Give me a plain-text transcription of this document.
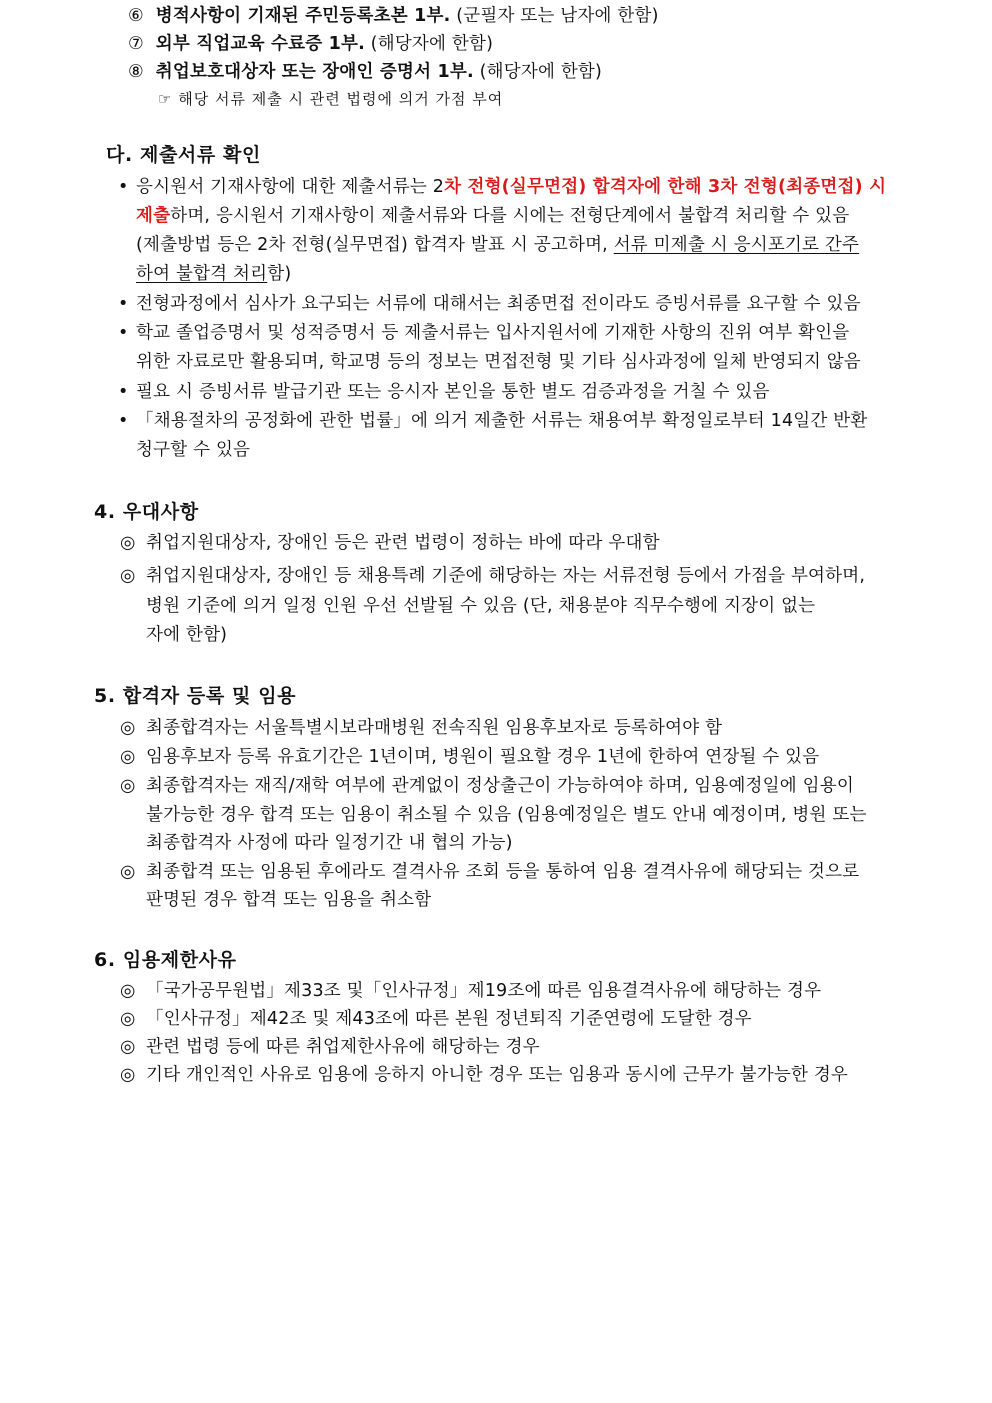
⑥ 병적사항이 기재된 주민등록초본 1부. (군필자 또는 남자에 한함)
⑦ 외부 직업교육 수료증 1부. (해당자에 한함)
⑧ 취업보호대상자 또는 장애인 증명서 1부. (해당자에 한함)
☞ 해당 서류 제출 시 관련 법령에 의거 가점 부여
다. 제출서류 확인
• 응시원서 기재사항에 대한 제출서류는 2차 전형(실무면접) 합격자에 한해 3차 전형(최종면접) 시
제출하며, 응시원서 기재사항이 제출서류와 다를 시에는 전형단계에서 불합격 처리할 수 있음
(제출방법 등은 2차 전형(실무면접) 합격자 발표 시 공고하며, 서류 미제출 시 응시포기로 간주
하여 불합격 처리함)
• 전형과정에서 심사가 요구되는 서류에 대해서는 최종면접 전이라도 증빙서류를 요구할 수 있음
• 학교 졸업증명서 및 성적증명서 등 제출서류는 입사지원서에 기재한 사항의 진위 여부 확인을
위한 자료로만 활용되며, 학교명 등의 정보는 면접전형 및 기타 심사과정에 일체 반영되지 않음
• 필요 시 증빙서류 발급기관 또는 응시자 본인을 통한 별도 검증과정을 거칠 수 있음
• 「채용절차의 공정화에 관한 법률」에 의거 제출한 서류는 채용여부 확정일로부터 14일간 반환
청구할 수 있음
4. 우대사항
◎ 취업지원대상자, 장애인 등은 관련 법령이 정하는 바에 따라 우대함
◎ 취업지원대상자, 장애인 등 채용특례 기준에 해당하는 자는 서류전형 등에서 가점을 부여하며,
병원 기준에 의거 일정 인원 우선 선발될 수 있음 (단, 채용분야 직무수행에 지장이 없는
자에 한함)
5. 합격자 등록 및 임용
◎ 최종합격자는 서울특별시보라매병원 전속직원 임용후보자로 등록하여야 함
◎ 임용후보자 등록 유효기간은 1년이며, 병원이 필요할 경우 1년에 한하여 연장될 수 있음
◎ 최종합격자는 재직/재학 여부에 관계없이 정상출근이 가능하여야 하며, 임용예정일에 임용이
불가능한 경우 합격 또는 임용이 취소될 수 있음 (임용예정일은 별도 안내 예정이며, 병원 또는
최종합격자 사정에 따라 일정기간 내 협의 가능)
◎ 최종합격 또는 임용된 후에라도 결격사유 조회 등을 통하여 임용 결격사유에 해당되는 것으로
판명된 경우 합격 또는 임용을 취소함
6. 임용제한사유
◎ 「국가공무원법」제33조 및「인사규정」제19조에 따른 임용결격사유에 해당하는 경우
◎ 「인사규정」제42조 및 제43조에 따른 본원 정년퇴직 기준연령에 도달한 경우
◎ 관련 법령 등에 따른 취업제한사유에 해당하는 경우
◎ 기타 개인적인 사유로 임용에 응하지 아니한 경우 또는 임용과 동시에 근무가 불가능한 경우
